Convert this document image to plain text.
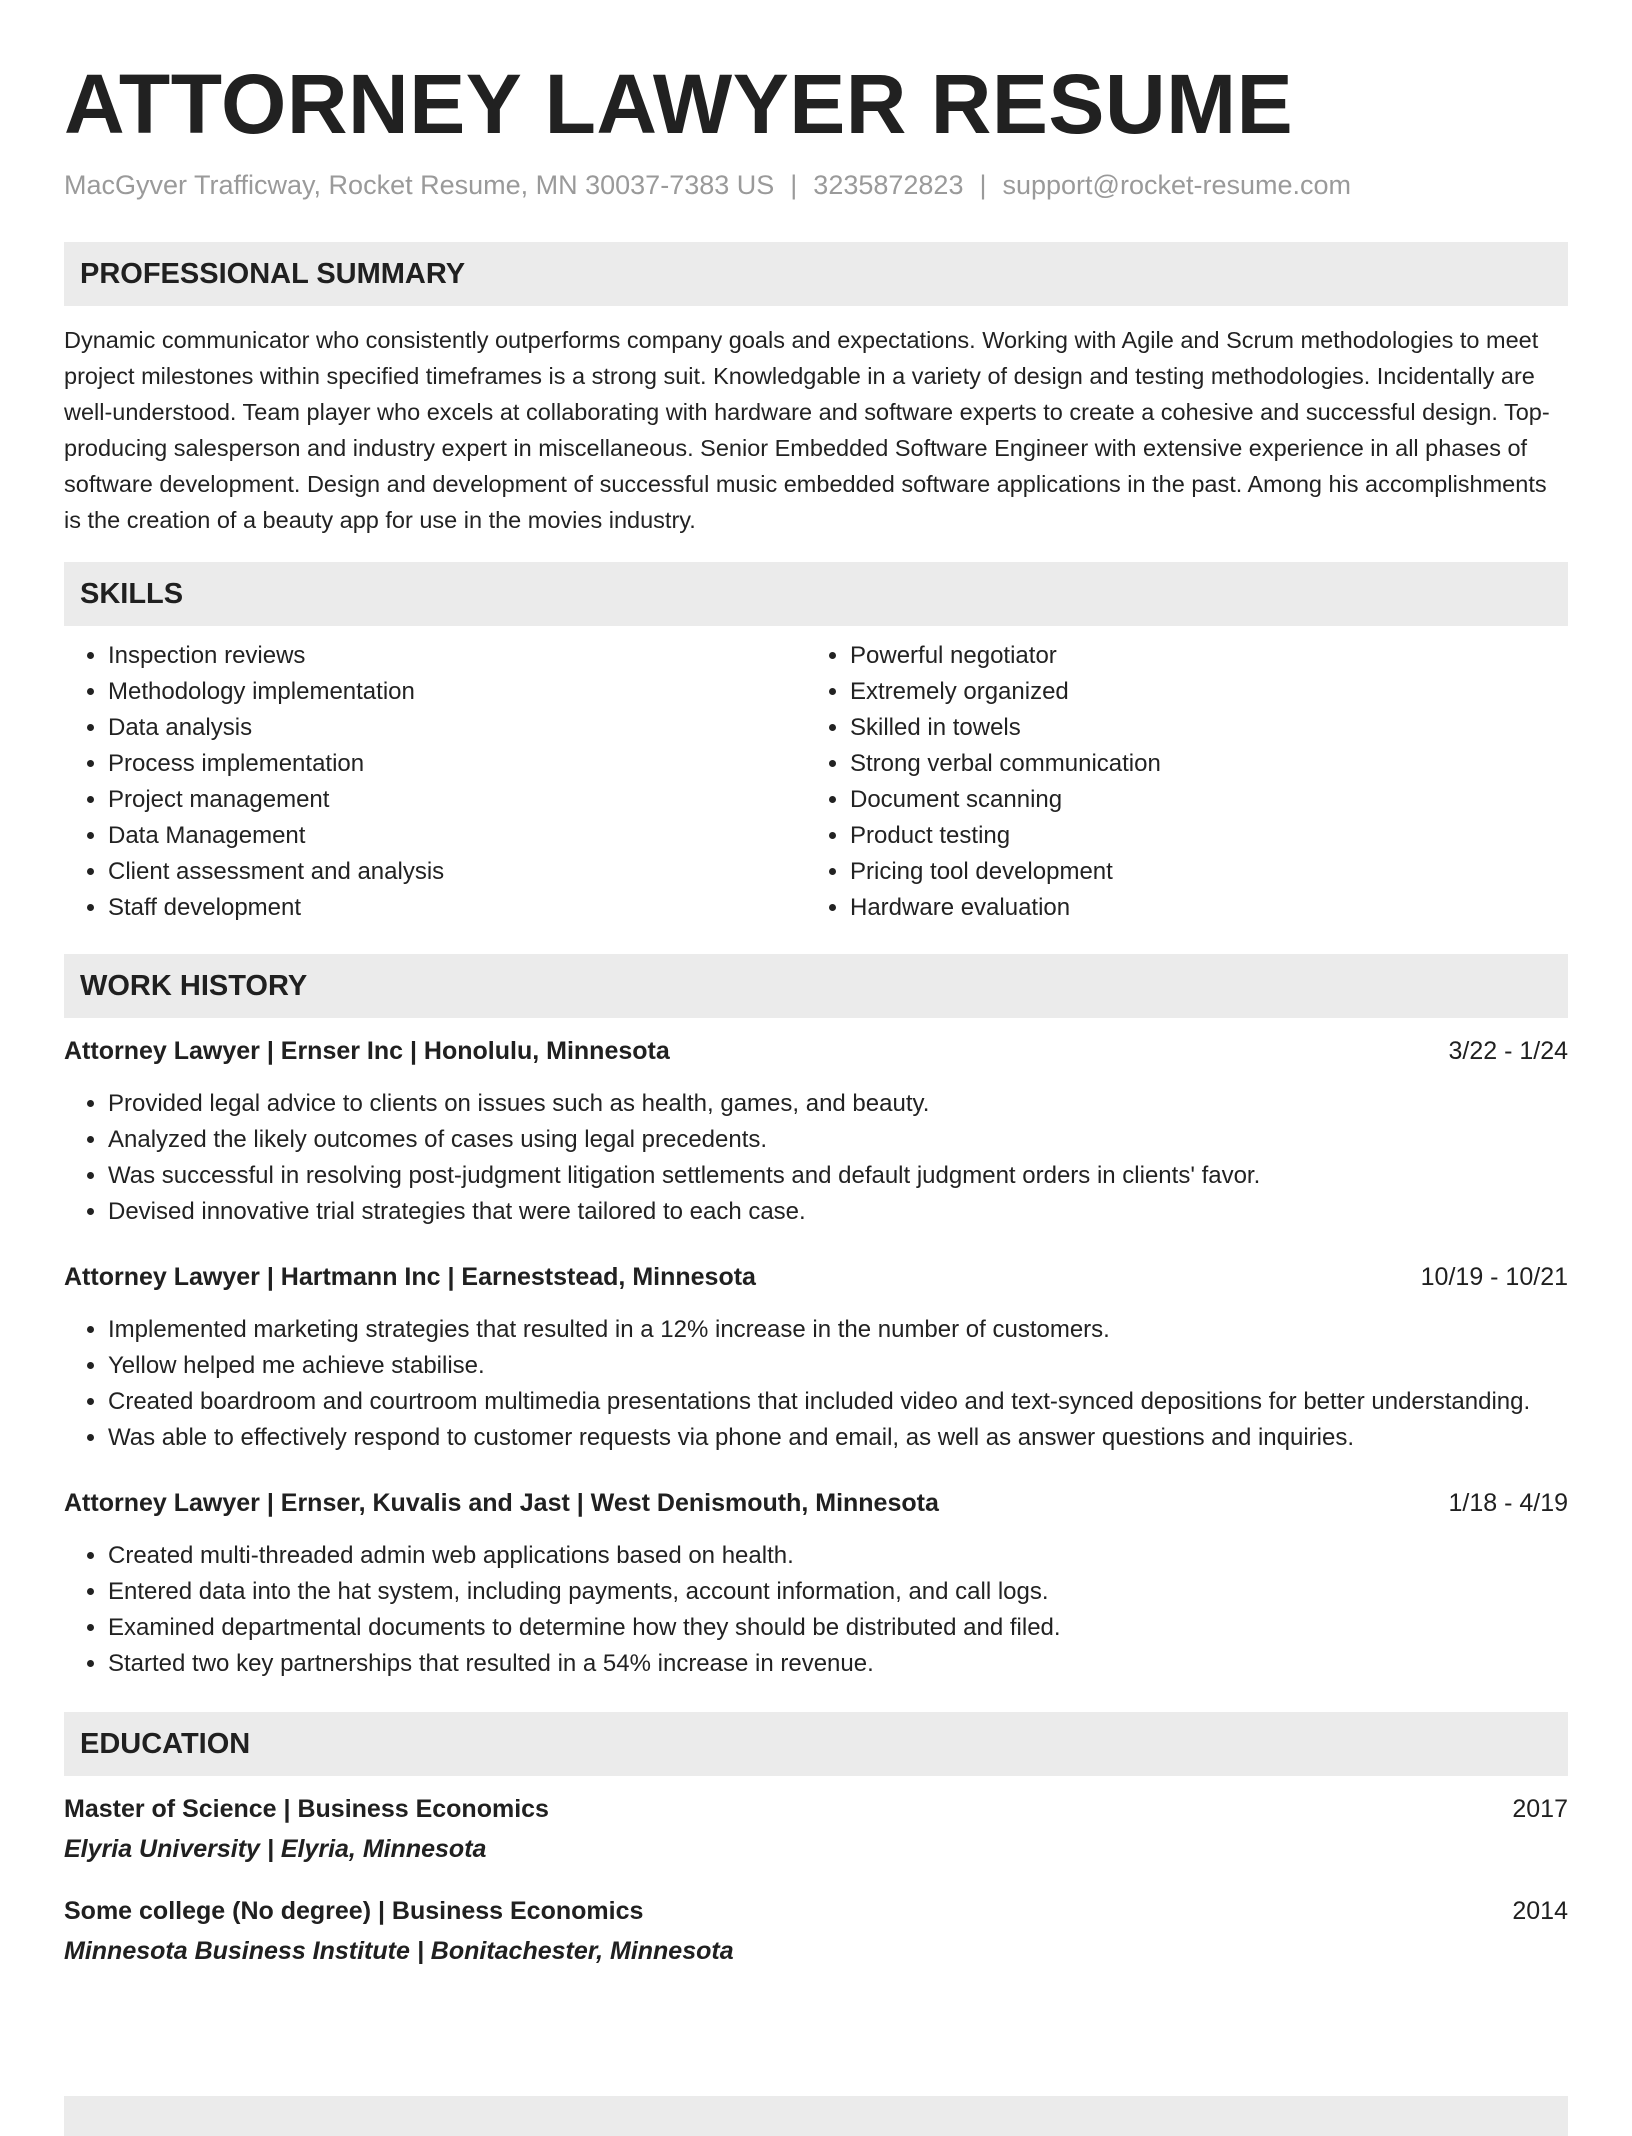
ATTORNEY LAWYER RESUME
MacGyver Trafficway, Rocket Resume, MN 30037-7383 US | 3235872823 | support@rocket-resume.com
PROFESSIONAL SUMMARY

Dynamic communicator who consistently outperforms company goals and expectations. Working with Agile and Scrum methodologies to meet project milestones within specified timeframes is a strong suit. Knowledgable in a variety of design and testing methodologies. Incidentally are well-understood. Team player who excels at collaborating with hardware and software experts to create a cohesive and successful design. Top-producing salesperson and industry expert in miscellaneous. Senior Embedded Software Engineer with extensive experience in all phases of software development. Design and development of successful music embedded software applications in the past. Among his accomplishments is the creation of a beauty app for use in the movies industry.

SKILLS
• Inspection reviews
• Methodology implementation
• Data analysis
• Process implementation
• Project management
• Data Management
• Client assessment and analysis
• Staff development
• Powerful negotiator
• Extremely organized
• Skilled in towels
• Strong verbal communication
• Document scanning
• Product testing
• Pricing tool development
• Hardware evaluation
WORK HISTORY
Attorney Lawyer | Ernser Inc | Honolulu, Minnesota	3/22 - 1/24
• Provided legal advice to clients on issues such as health, games, and beauty.
• Analyzed the likely outcomes of cases using legal precedents.
• Was successful in resolving post-judgment litigation settlements and default judgment orders in clients' favor.
• Devised innovative trial strategies that were tailored to each case.
Attorney Lawyer | Hartmann Inc | Earneststead, Minnesota	10/19 - 10/21
• Implemented marketing strategies that resulted in a 12% increase in the number of customers.
• Yellow helped me achieve stabilise.
• Created boardroom and courtroom multimedia presentations that included video and text-synced depositions for better understanding.
• Was able to effectively respond to customer requests via phone and email, as well as answer questions and inquiries.
Attorney Lawyer | Ernser, Kuvalis and Jast | West Denismouth, Minnesota	1/18 - 4/19
• Created multi-threaded admin web applications based on health.
• Entered data into the hat system, including payments, account information, and call logs.
• Examined departmental documents to determine how they should be distributed and filed.
• Started two key partnerships that resulted in a 54% increase in revenue.
EDUCATION
Master of Science | Business Economics	2017
Elyria University | Elyria, Minnesota
Some college (No degree) | Business Economics	2014
Minnesota Business Institute | Bonitachester, Minnesota
